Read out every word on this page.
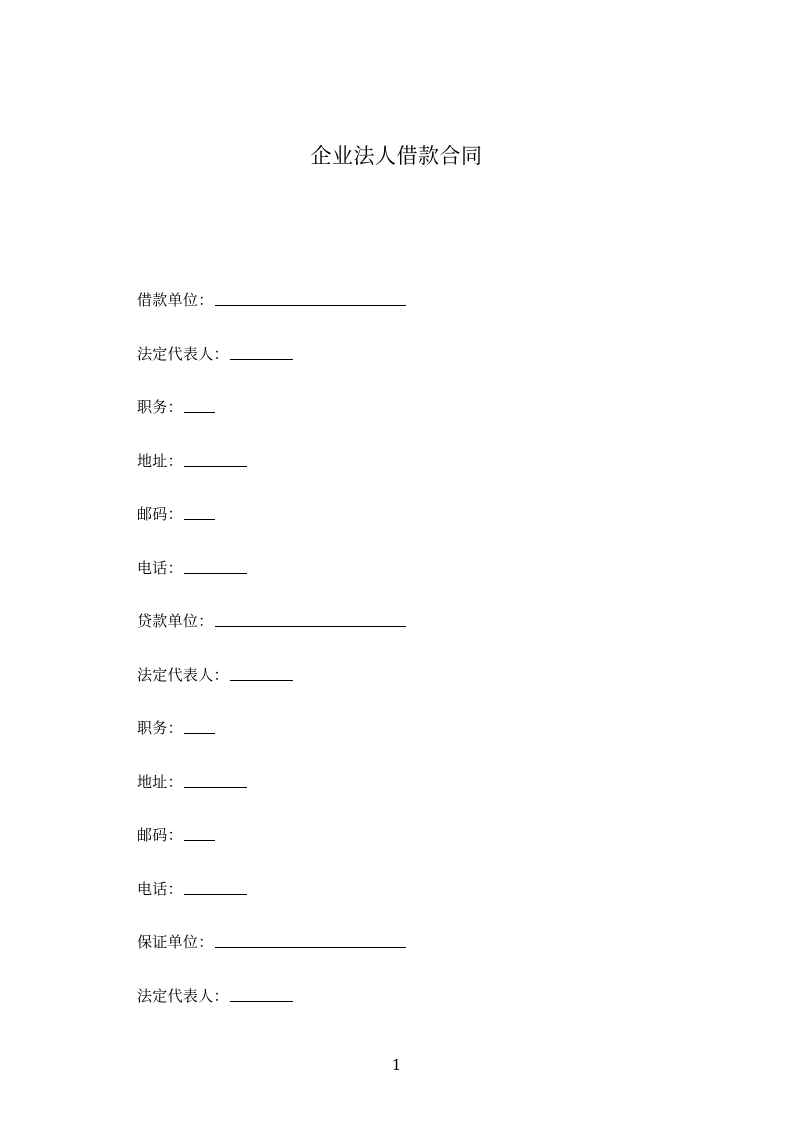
企业法人借款合同
借款单位：
法定代表人：
职务：
地址：
邮码：
电话：
贷款单位：
法定代表人：
职务：
地址：
邮码：
电话：
保证单位：
法定代表人：
1
